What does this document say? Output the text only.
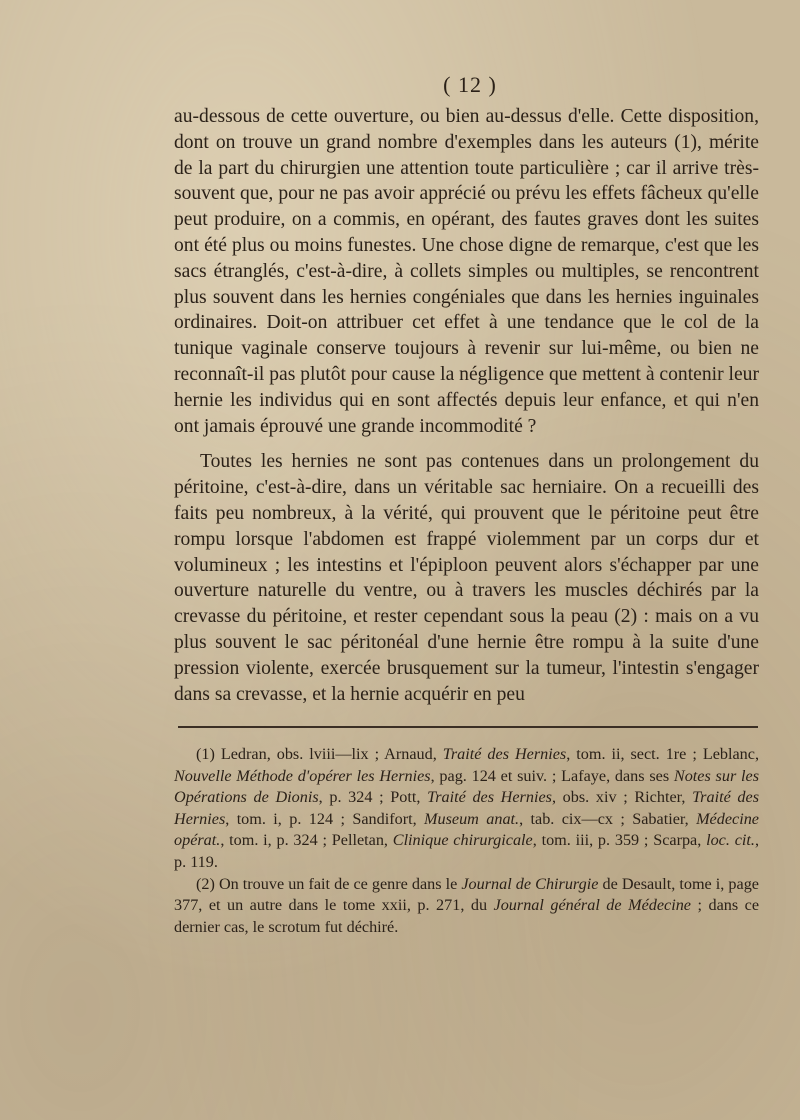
( 12 )

au-dessous de cette ouverture, ou bien au-dessus d'elle. Cette disposition, dont on trouve un grand nombre d'exemples dans les auteurs (1), mérite de la part du chirurgien une attention toute particulière ; car il arrive très-souvent que, pour ne pas avoir apprécié ou prévu les effets fâcheux qu'elle peut produire, on a commis, en opérant, des fautes graves dont les suites ont été plus ou moins funestes. Une chose digne de remarque, c'est que les sacs étranglés, c'est-à-dire, à collets simples ou multiples, se rencontrent plus souvent dans les hernies congéniales que dans les hernies inguinales ordinaires. Doit-on attribuer cet effet à une tendance que le col de la tunique vaginale conserve toujours à revenir sur lui-même, ou bien ne reconnaît-il pas plutôt pour cause la négligence que mettent à contenir leur hernie les individus qui en sont affectés depuis leur enfance, et qui n'en ont jamais éprouvé une grande incommodité ?

Toutes les hernies ne sont pas contenues dans un prolongement du péritoine, c'est-à-dire, dans un véritable sac herniaire. On a recueilli des faits peu nombreux, à la vérité, qui prouvent que le péritoine peut être rompu lorsque l'abdomen est frappé violemment par un corps dur et volumineux ; les intestins et l'épiploon peuvent alors s'échapper par une ouverture naturelle du ventre, ou à travers les muscles déchirés par la crevasse du péritoine, et rester cependant sous la peau (2) : mais on a vu plus souvent le sac péritonéal d'une hernie être rompu à la suite d'une pression violente, exercée brusquement sur la tumeur, l'intestin s'engager dans sa crevasse, et la hernie acquérir en peu

(1) Ledran, obs. lviii—lix ; Arnaud, Traité des Hernies, tom. ii, sect. 1re ; Leblanc, Nouvelle Méthode d'opérer les Hernies, pag. 124 et suiv. ; Lafaye, dans ses Notes sur les Opérations de Dionis, p. 324 ; Pott, Traité des Hernies, obs. xiv ; Richter, Traité des Hernies, tom. i, p. 124 ; Sandifort, Museum anat., tab. cix—cx ; Sabatier, Médecine opérat., tom. i, p. 324 ; Pelletan, Clinique chirurgicale, tom. iii, p. 359 ; Scarpa, loc. cit., p. 119.

(2) On trouve un fait de ce genre dans le Journal de Chirurgie de Desault, tome i, page 377, et un autre dans le tome xxii, p. 271, du Journal général de Médecine ; dans ce dernier cas, le scrotum fut déchiré.
